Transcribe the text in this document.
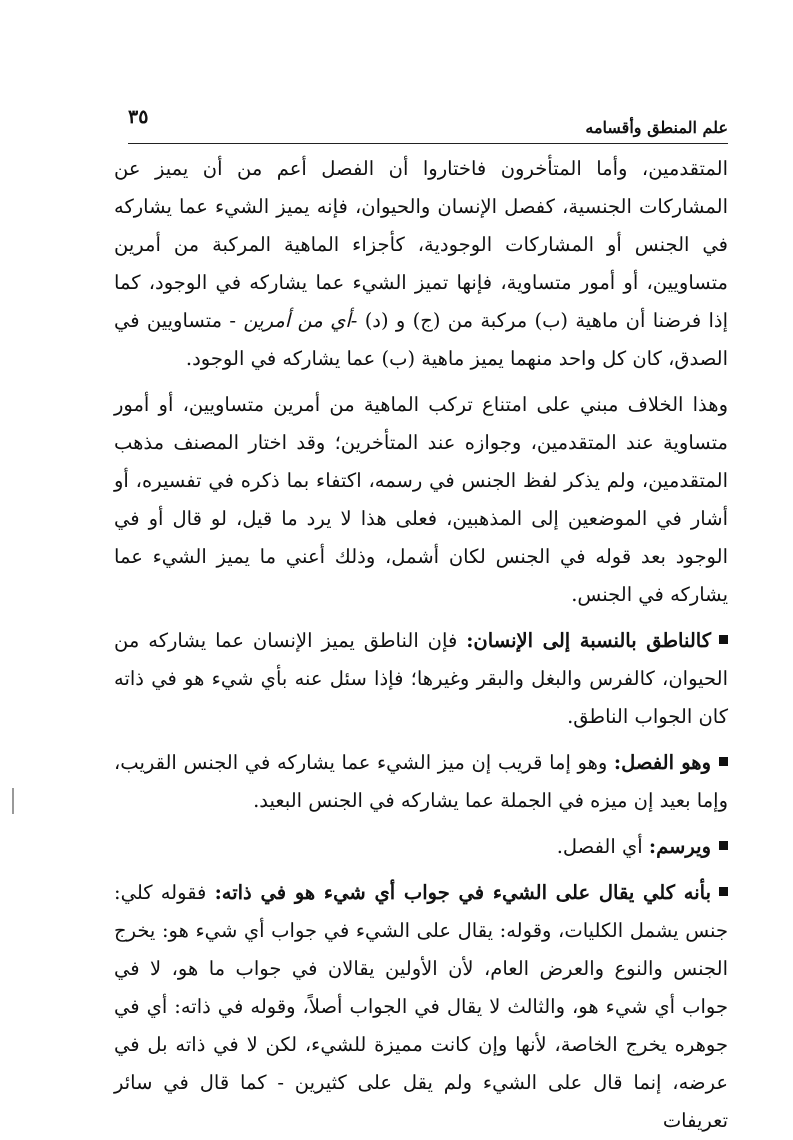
علم المنطق وأقسامه
٣٥

المتقدمين، وأما المتأخرون فاختاروا أن الفصل أعم من أن يميز عن المشاركات الجنسية، كفصل الإنسان والحيوان، فإنه يميز الشيء عما يشاركه في الجنس أو المشاركات الوجودية، كأجزاء الماهية المركبة من أمرين متساويين، أو أمور متساوية، فإنها تميز الشيء عما يشاركه في الوجود، كما إذا فرضنا أن ماهية (ب) مركبة من (ج) و (د) -أي من أمرين - متساويين في الصدق، كان كل واحد منهما يميز ماهية (ب) عما يشاركه في الوجود.

وهذا الخلاف مبني على امتناع تركب الماهية من أمرين متساويين، أو أمور متساوية عند المتقدمين، وجوازه عند المتأخرين؛ وقد اختار المصنف مذهب المتقدمين، ولم يذكر لفظ الجنس في رسمه، اكتفاء بما ذكره في تفسيره، أو أشار في الموضعين إلى المذهبين، فعلى هذا لا يرد ما قيل، لو قال أو في الوجود بعد قوله في الجنس لكان أشمل، وذلك أعني ما يميز الشيء عما يشاركه في الجنس.

كالناطق بالنسبة إلى الإنسان: فإن الناطق يميز الإنسان عما يشاركه من الحيوان، كالفرس والبغل والبقر وغيرها؛ فإذا سئل عنه بأي شيء هو في ذاته كان الجواب الناطق.

وهو الفصل: وهو إما قريب إن ميز الشيء عما يشاركه في الجنس القريب، وإما بعيد إن ميزه في الجملة عما يشاركه في الجنس البعيد.

ويرسم: أي الفصل.

بأنه كلي يقال على الشيء في جواب أي شيء هو في ذاته: فقوله كلي: جنس يشمل الكليات، وقوله: يقال على الشيء في جواب أي شيء هو: يخرج الجنس والنوع والعرض العام، لأن الأولين يقالان في جواب ما هو، لا في جواب أي شيء هو، والثالث لا يقال في الجواب أصلاً، وقوله في ذاته: أي في جوهره يخرج الخاصة، لأنها وإن كانت مميزة للشيء، لكن لا في ذاته بل في عرضه، إنما قال على الشيء ولم يقل على كثيرين - كما قال في سائر تعريفات
